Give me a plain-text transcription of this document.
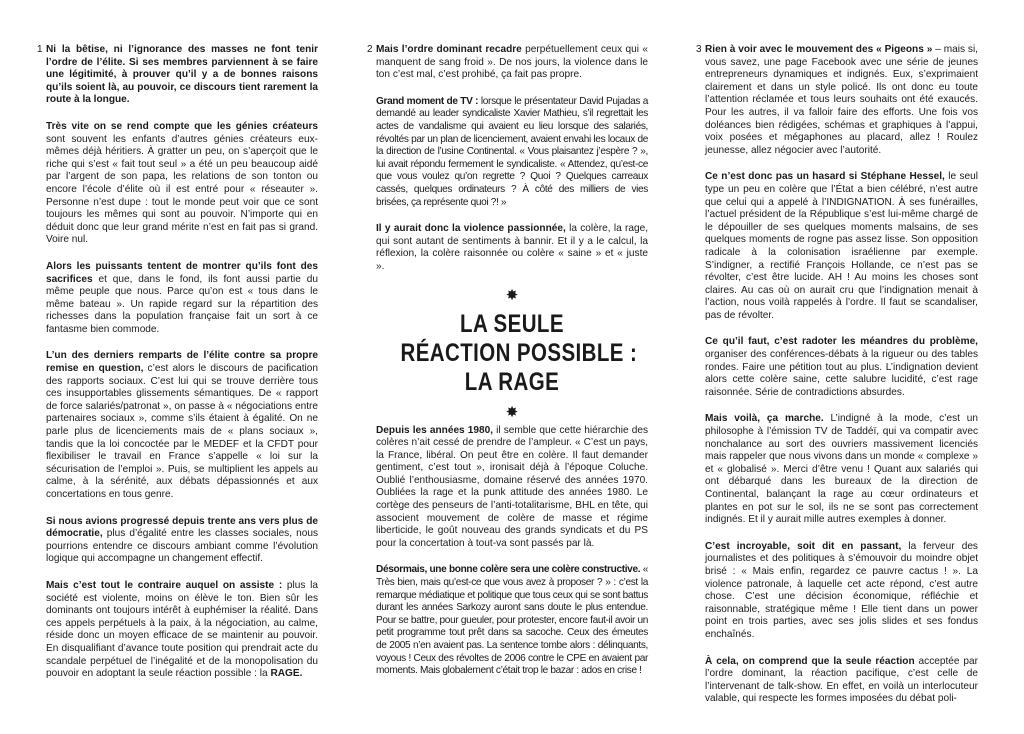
1	2	3

Ni la bêtise, ni l’ignorance des masses ne font tenir l’ordre de l’élite. Si ses membres parviennent à se faire une légitimité, à prouver qu’il y a de bonnes raisons qu’ils soient là, au pouvoir, ce discours tient rarement la route à la longue.

Très vite on se rend compte que les génies créateurs sont souvent les enfants d’autres génies créateurs eux-mêmes déjà héritiers. À gratter un peu, on s’aperçoit que le riche qui s’est « fait tout seul » a été un peu beaucoup aidé par l’argent de son papa, les relations de son tonton ou encore l’école d’élite où il est entré pour « réseauter ». Personne n’est dupe : tout le monde peut voir que ce sont toujours les mêmes qui sont au pouvoir. N’importe qui en déduit donc que leur grand mérite n’est en fait pas si grand. Voire nul.

Alors les puissants tentent de montrer qu’ils font des sacrifices et que, dans le fond, ils font aussi partie du même peuple que nous. Parce qu’on est « tous dans le même bateau ». Un rapide regard sur la répartition des richesses dans la population française fait un sort à ce fantasme bien commode.

L’un des derniers remparts de l’élite contre sa propre remise en question, c’est alors le discours de pacification des rapports sociaux. C’est lui qui se trouve derrière tous ces insupportables glissements sémantiques. De « rapport de force salariés/patronat », on passe à « négociations entre partenaires sociaux », comme s’ils étaient à égalité. On ne parle plus de licenciements mais de « plans sociaux », tandis que la loi concoctée par le MEDEF et la CFDT pour flexibiliser le travail en France s’appelle « loi sur la sécurisation de l’emploi ». Puis, se multiplient les appels au calme, à la sérénité, aux débats dépassionnés et aux concertations en tous genre.

Si nous avions progressé depuis trente ans vers plus de démocratie, plus d’égalité entre les classes sociales, nous pourrions entendre ce discours ambiant comme l’évolution logique qui accompagne un changement effectif.

Mais c’est tout le contraire auquel on assiste : plus la société est violente, moins on élève le ton. Bien sûr les dominants ont toujours intérêt à euphémiser la réalité. Dans ces appels perpétuels à la paix, à la négociation, au calme, réside donc un moyen efficace de se maintenir au pouvoir. En disqualifiant d’avance toute position qui prendrait acte du scandale perpétuel de l’inégalité et de la monopolisation du pouvoir en adoptant la seule réaction possible : la RAGE.

Mais l’ordre dominant recadre perpétuellement ceux qui « manquent de sang froid ». De nos jours, la violence dans le ton c’est mal, c’est prohibé, ça fait pas propre.

Grand moment de TV : lorsque le présentateur David Pujadas a demandé au leader syndicaliste Xavier Mathieu, s’il regrettait les actes de vandalisme qui avaient eu lieu lorsque des salariés, révoltés par un plan de licenciement, avaient envahi les locaux de la direction de l’usine Continental. « Vous plaisantez j’espère ? », lui avait répondu fermement le syndicaliste. « Attendez, qu’est-ce que vous voulez qu’on regrette ? Quoi ? Quelques carreaux cassés, quelques ordinateurs ? À côté des milliers de vies brisées, ça représente quoi ?! »

Il y aurait donc la violence passionnée, la colère, la rage, qui sont autant de sentiments à bannir. Et il y a le calcul, la réflexion, la colère raisonnée ou colère « saine » et « juste ».

✸
LA SEULE
RÉACTION POSSIBLE :
LA RAGE
✸

Depuis les années 1980, il semble que cette hiérarchie des colères n’ait cessé de prendre de l’ampleur. « C’est un pays, la France, libéral. On peut être en colère. Il faut demander gentiment, c’est tout », ironisait déjà à l’époque Coluche. Oublié l’enthousiasme, domaine réservé des années 1970. Oubliées la rage et la punk attitude des années 1980. Le cortège des penseurs de l’anti-totalitarisme, BHL en tête, qui associent mouvement de colère de masse et régime liberticide, le goût nouveau des grands syndicats et du PS pour la concertation à tout-va sont passés par là.

Désormais, une bonne colère sera une colère constructive. « Très bien, mais qu’est-ce que vous avez à proposer ? » : c’est la remarque médiatique et politique que tous ceux qui se sont battus durant les années Sarkozy auront sans doute le plus entendue. Pour se battre, pour gueuler, pour protester, encore faut-il avoir un petit programme tout prêt dans sa sacoche. Ceux des émeutes de 2005 n’en avaient pas. La sentence tombe alors : délinquants, voyous ! Ceux des révoltes de 2006 contre le CPE en avaient par moments. Mais globalement c’était trop le bazar : ados en crise !

Rien à voir avec le mouvement des « Pigeons » – mais si, vous savez, une page Facebook avec une série de jeunes entrepreneurs dynamiques et indignés. Eux, s’exprimaient clairement et dans un style policé. Ils ont donc eu toute l’attention réclamée et tous leurs souhaits ont été exaucés. Pour les autres, il va falloir faire des efforts. Une fois vos doléances bien rédigées, schémas et graphiques à l’appui, voix posées et mégaphones au placard, allez ! Roulez jeunesse, allez négocier avec l’autorité.

Ce n’est donc pas un hasard si Stéphane Hessel, le seul type un peu en colère que l’État a bien célébré, n’est autre que celui qui a appelé à l’INDIGNATION. À ses funérailles, l’actuel président de la République s’est lui-même chargé de le dépouiller de ses quelques moments malsains, de ses quelques moments de rogne pas assez lisse. Son opposition radicale à la colonisation israélienne par exemple. S’indigner, a rectifié François Hollande, ce n’est pas se révolter, c’est être lucide. AH ! Au moins les choses sont claires. Au cas où on aurait cru que l’indignation menait à l’action, nous voilà rappelés à l’ordre. Il faut se scandaliser, pas de révolter.

Ce qu’il faut, c’est radoter les méandres du problème, organiser des conférences-débats à la rigueur ou des tables rondes. Faire une pétition tout au plus. L’indignation devient alors cette colère saine, cette salubre lucidité, c’est rage raisonnée. Série de contradictions absurdes.

Mais voilà, ça marche. L’indigné à la mode, c’est un philosophe à l’émission TV de Taddéï, qui va compatir avec nonchalance au sort des ouvriers massivement licenciés mais rappeler que nous vivons dans un monde « complexe » et « globalisé ». Merci d’être venu ! Quant aux salariés qui ont débarqué dans les bureaux de la direction de Continental, balançant la rage au cœur ordinateurs et plantes en pot sur le sol, ils ne se sont pas correctement indignés. Et il y aurait mille autres exemples à donner.

C’est incroyable, soit dit en passant, la ferveur des journalistes et des politiques à s’émouvoir du moindre objet brisé : « Mais enfin, regardez ce pauvre cactus ! ». La violence patronale, à laquelle cet acte répond, c’est autre chose. C’est une décision économique, réfléchie et raisonnable, stratégique même ! Elle tient dans un power point en trois parties, avec ses jolis slides et ses fondus enchaînés.

À cela, on comprend que la seule réaction acceptée par l’ordre dominant, la réaction pacifique, c’est celle de l’intervenant de talk-show. En effet, en voilà un interlocuteur valable, qui respecte les formes imposées du débat poli-
